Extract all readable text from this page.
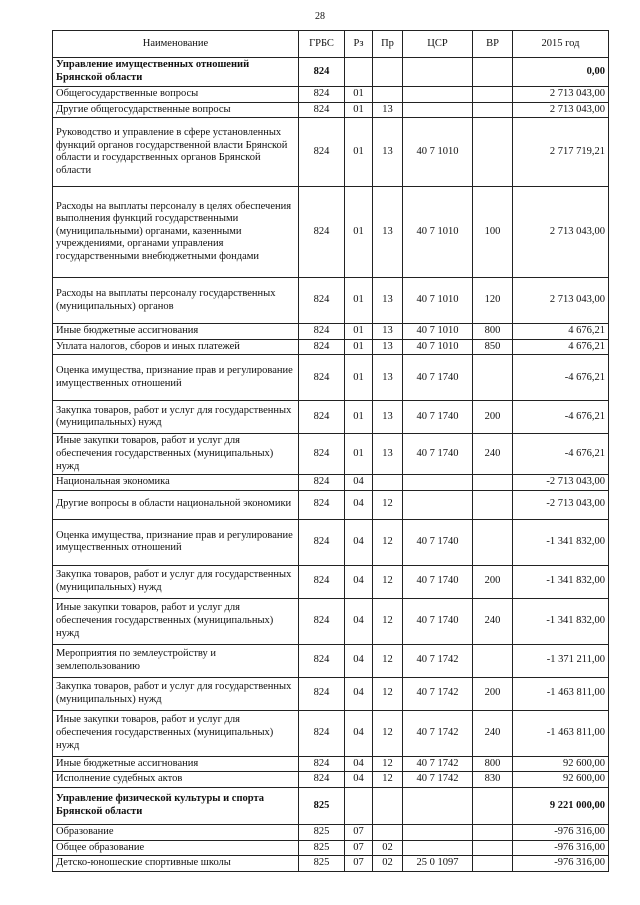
28
Наименование	ГРБС	Рз	Пр	ЦСР	ВР	2015 год
Управление имущественных отношений Брянской области	824					0,00
Общегосударственные вопросы	824	01				2 713 043,00
Другие общегосударственные вопросы	824	01	13			2 713 043,00
Руководство и управление в сфере установленных функций органов государственной власти Брянской области и государственных органов Брянской области	824	01	13	40 7 1010		2 717 719,21
Расходы на выплаты персоналу в целях обеспечения выполнения функций государственными (муниципальными) органами, казенными учреждениями, органами управления государственными внебюджетными фондами	824	01	13	40 7 1010	100	2 713 043,00
Расходы на выплаты персоналу государственных (муниципальных) органов	824	01	13	40 7 1010	120	2 713 043,00
Иные бюджетные ассигнования	824	01	13	40 7 1010	800	4 676,21
Уплата налогов, сборов и иных платежей	824	01	13	40 7 1010	850	4 676,21
Оценка имущества, признание прав и регулирование имущественных отношений	824	01	13	40 7 1740		-4 676,21
Закупка товаров, работ и услуг для государственных (муниципальных) нужд	824	01	13	40 7 1740	200	-4 676,21
Иные закупки товаров, работ и услуг для обеспечения государственных (муниципальных) нужд	824	01	13	40 7 1740	240	-4 676,21
Национальная экономика	824	04				-2 713 043,00
Другие вопросы в области национальной экономики	824	04	12			-2 713 043,00
Оценка имущества, признание прав и регулирование имущественных отношений	824	04	12	40 7 1740		-1 341 832,00
Закупка товаров, работ и услуг для государственных (муниципальных) нужд	824	04	12	40 7 1740	200	-1 341 832,00
Иные закупки товаров, работ и услуг для обеспечения государственных (муниципальных) нужд	824	04	12	40 7 1740	240	-1 341 832,00
Мероприятия по землеустройству и землепользованию	824	04	12	40 7 1742		-1 371 211,00
Закупка товаров, работ и услуг для государственных (муниципальных) нужд	824	04	12	40 7 1742	200	-1 463 811,00
Иные закупки товаров, работ и услуг для обеспечения государственных (муниципальных) нужд	824	04	12	40 7 1742	240	-1 463 811,00
Иные бюджетные ассигнования	824	04	12	40 7 1742	800	92 600,00
Исполнение судебных актов	824	04	12	40 7 1742	830	92 600,00
Управление физической культуры и спорта Брянской области	825					9 221 000,00
Образование	825	07				-976 316,00
Общее образование	825	07	02			-976 316,00
Детско-юношеские спортивные школы	825	07	02	25 0 1097		-976 316,00
